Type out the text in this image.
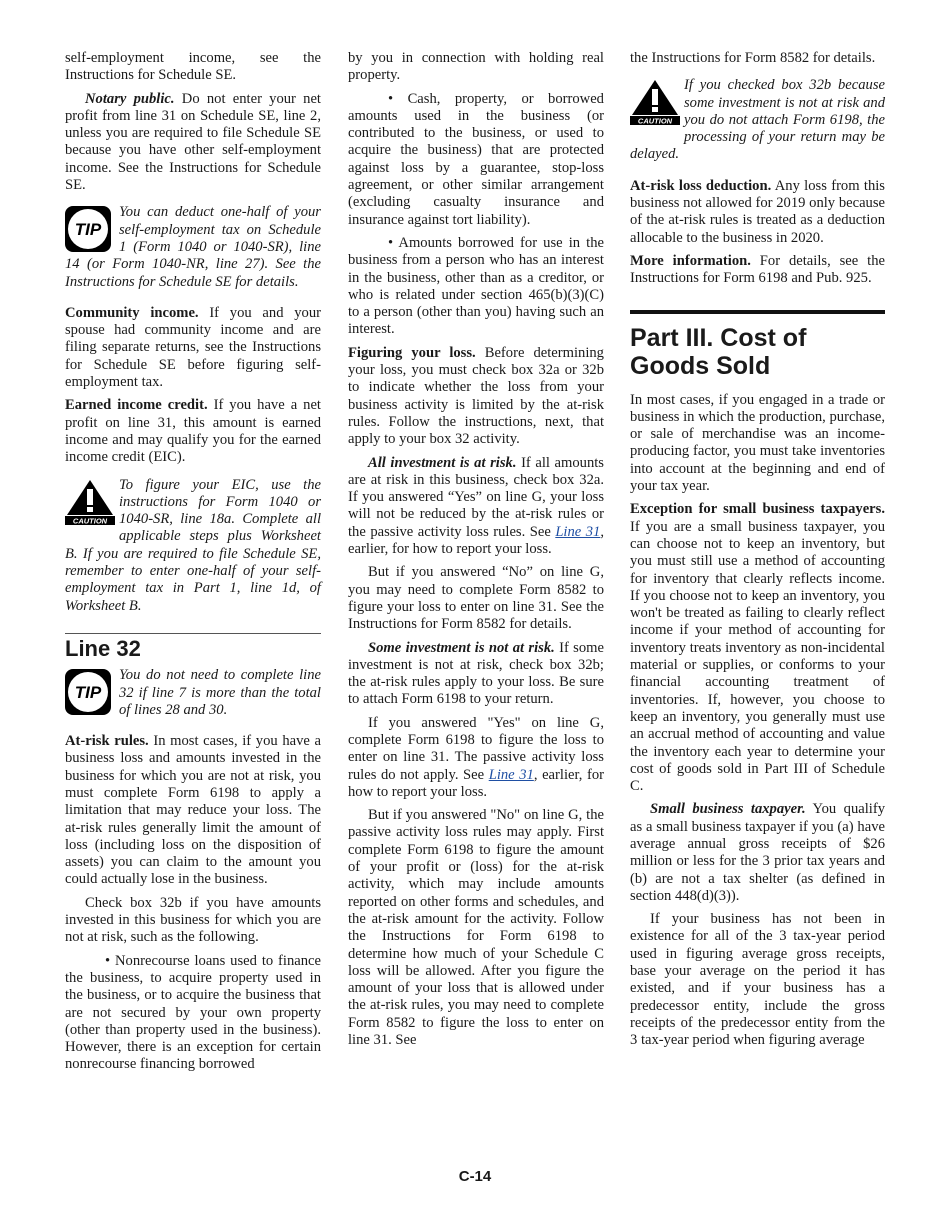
self-employment income, see the Instructions for Schedule SE.

Notary public. Do not enter your net profit from line 31 on Schedule SE, line 2, unless you are required to file Schedule SE because you have other self-employment income. See the Instructions for Schedule SE.

TIP
You can deduct one-half of your self-employment tax on Schedule 1 (Form 1040 or 1040-SR), line 14 (or Form 1040-NR, line 27). See the Instructions for Schedule SE for details.

Community income. If you and your spouse had community income and are filing separate returns, see the Instructions for Schedule SE before figuring self-employment tax.

Earned income credit. If you have a net profit on line 31, this amount is earned income and may qualify you for the earned income credit (EIC).

CAUTION
To figure your EIC, use the instructions for Form 1040 or 1040-SR, line 18a. Complete all applicable steps plus Worksheet B. If you are required to file Schedule SE, remember to enter one-half of your self-employment tax in Part 1, line 1d, of Worksheet B.
Line 32
TIP
You do not need to complete line 32 if line 7 is more than the total of lines 28 and 30.

At-risk rules. In most cases, if you have a business loss and amounts invested in the business for which you are not at risk, you must complete Form 6198 to apply a limitation that may reduce your loss. The at-risk rules generally limit the amount of loss (including loss on the disposition of assets) you can claim to the amount you could actually lose in the business.

Check box 32b if you have amounts invested in this business for which you are not at risk, such as the following.

• Nonrecourse loans used to finance the business, to acquire property used in the business, or to acquire the business that are not secured by your own property (other than property used in the business). However, there is an exception for certain nonrecourse financing borrowed

by you in connection with holding real property.

• Cash, property, or borrowed amounts used in the business (or contributed to the business, or used to acquire the business) that are protected against loss by a guarantee, stop-loss agreement, or other similar arrangement (excluding casualty insurance and insurance against tort liability).

• Amounts borrowed for use in the business from a person who has an interest in the business, other than as a creditor, or who is related under section 465(b)(3)(C) to a person (other than you) having such an interest.

Figuring your loss. Before determining your loss, you must check box 32a or 32b to indicate whether the loss from your business activity is limited by the at-risk rules. Follow the instructions, next, that apply to your box 32 activity.

All investment is at risk. If all amounts are at risk in this business, check box 32a. If you answered “Yes” on line G, your loss will not be reduced by the at-risk rules or the passive activity loss rules. See Line 31, earlier, for how to report your loss.

But if you answered “No” on line G, you may need to complete Form 8582 to figure your loss to enter on line 31. See the Instructions for Form 8582 for details.

Some investment is not at risk. If some investment is not at risk, check box 32b; the at-risk rules apply to your loss. Be sure to attach Form 6198 to your return.

If you answered "Yes" on line G, complete Form 6198 to figure the loss to enter on line 31. The passive activity loss rules do not apply. See Line 31, earlier, for how to report your loss.

But if you answered "No" on line G, the passive activity loss rules may apply. First complete Form 6198 to figure the amount of your profit or (loss) for the at-risk activity, which may include amounts reported on other forms and schedules, and the at-risk amount for the activity. Follow the Instructions for Form 6198 to determine how much of your Schedule C loss will be allowed. After you figure the amount of your loss that is allowed under the at-risk rules, you may need to complete Form 8582 to figure the loss to enter on line 31. See

the Instructions for Form 8582 for details.

CAUTION
If you checked box 32b because some investment is not at risk and you do not attach Form 6198, the processing of your return may be delayed.

At-risk loss deduction. Any loss from this business not allowed for 2019 only because of the at-risk rules is treated as a deduction allocable to the business in 2020.

More information. For details, see the Instructions for Form 6198 and Pub. 925.

Part III. Cost of Goods Sold

In most cases, if you engaged in a trade or business in which the production, purchase, or sale of merchandise was an income-producing factor, you must take inventories into account at the beginning and end of your tax year.

Exception for small business taxpayers. If you are a small business taxpayer, you can choose not to keep an inventory, but you must still use a method of accounting for inventory that clearly reflects income. If you choose not to keep an inventory, you won't be treated as failing to clearly reflect income if your method of accounting for inventory treats inventory as non-incidental material or supplies, or conforms to your financial accounting treatment of inventories. If, however, you choose to keep an inventory, you generally must use an accrual method of accounting and value the inventory each year to determine your cost of goods sold in Part III of Schedule C.

Small business taxpayer. You qualify as a small business taxpayer if you (a) have average annual gross receipts of $26 million or less for the 3 prior tax years and (b) are not a tax shelter (as defined in section 448(d)(3)).

If your business has not been in existence for all of the 3 tax-year period used in figuring average gross receipts, base your average on the period it has existed, and if your business has a predecessor entity, include the gross receipts of the predecessor entity from the 3 tax-year period when figuring average

C-14
